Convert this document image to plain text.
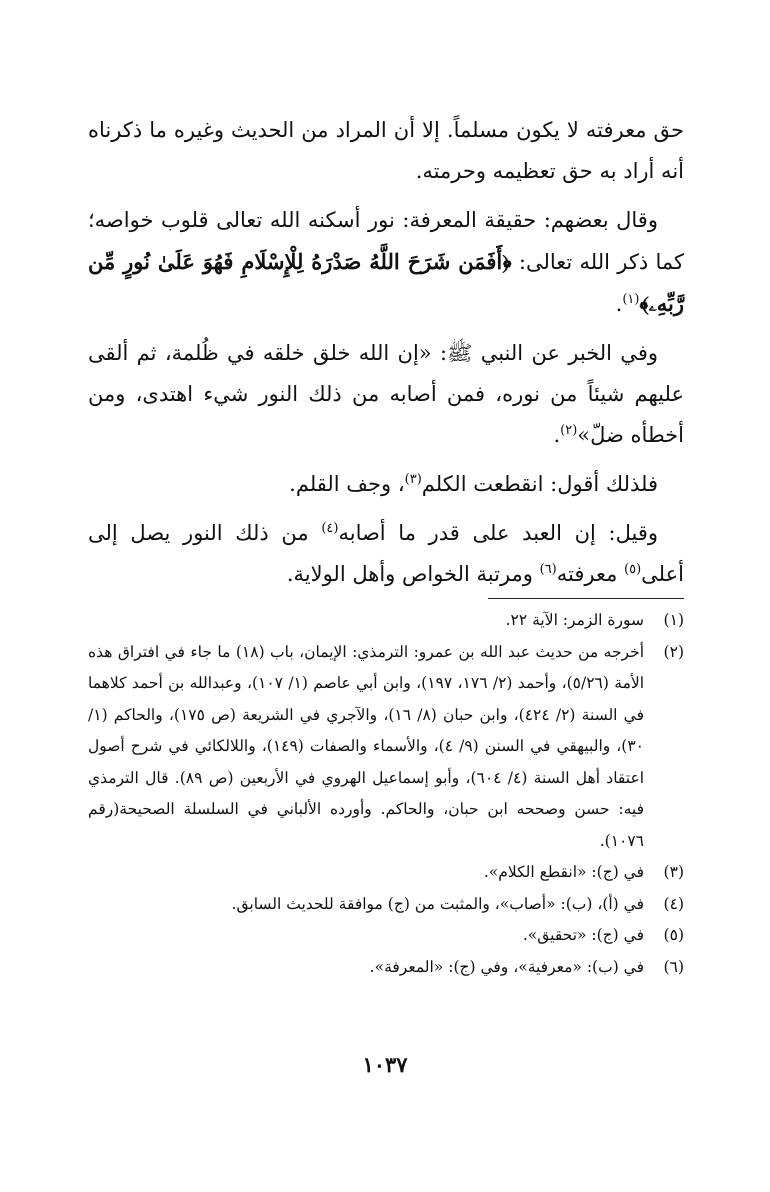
حق معرفته لا يكون مسلماً. إلا أن المراد من الحديث وغيره ما ذكرناه أنه أراد به حق تعظيمه وحرمته.

وقال بعضهم: حقيقة المعرفة: نور أسكنه الله تعالى قلوب خواصه؛ كما ذكر الله تعالى: ﴿أَفَمَن شَرَحَ اللَّهُ صَدْرَهُ لِلْإِسْلَامِ فَهُوَ عَلَىٰ نُورٍ مِّن رَّبِّهِۦ﴾$^{(١)}$.

وفي الخبر عن النبي ﷺ: «إن الله خلق خلقه في ظُلمة، ثم ألقى عليهم شيئاً من نوره، فمن أصابه من ذلك النور شيء اهتدى، ومن أخطأه ضلّ»$^{(٢)}$.

فلذلك أقول: انقطعت الكلم$^{(٣)}$، وجف القلم.

وقيل: إن العبد على قدر ما أصابه$^{(٤)}$ من ذلك النور يصل إلى أعلى$^{(٥)}$ معرفته$^{(٦)}$ ومرتبة الخواص وأهل الولاية.

(١)
سورة الزمر: الآية ٢٢.
(٢)
أخرجه من حديث عبد الله بن عمرو: الترمذي: الإيمان، باب (١٨) ما جاء في افتراق هذه الأمة (٥/٢٦)، وأحمد (٢/ ١٧٦، ١٩٧)، وابن أبي عاصم (١/ ١٠٧)، وعبدالله بن أحمد كلاهما في السنة (٢/ ٤٢٤)، وابن حبان (٨/ ١٦)، والآجري في الشريعة (ص ١٧٥)، والحاكم (١/ ٣٠)، والبيهقي في السنن (٩/ ٤)، والأسماء والصفات (١٤٩)، واللالكائي في شرح أصول اعتقاد أهل السنة (٤/ ٦٠٤)، وأبو إسماعيل الهروي في الأربعين (ص ٨٩). قال الترمذي فيه: حسن وصححه ابن حبان، والحاكم. وأورده الألباني في السلسلة الصحيحة(رقم ١٠٧٦).
(٣)
في (ج): «انقطع الكلام».
(٤)
في (أ)، (ب): «أصاب»، والمثبت من (ج) موافقة للحديث السابق.
(٥)
في (ج): «تحقيق».
(٦)
في (ب): «معرفية»، وفي (ج): «المعرفة».
١٠٣٧
